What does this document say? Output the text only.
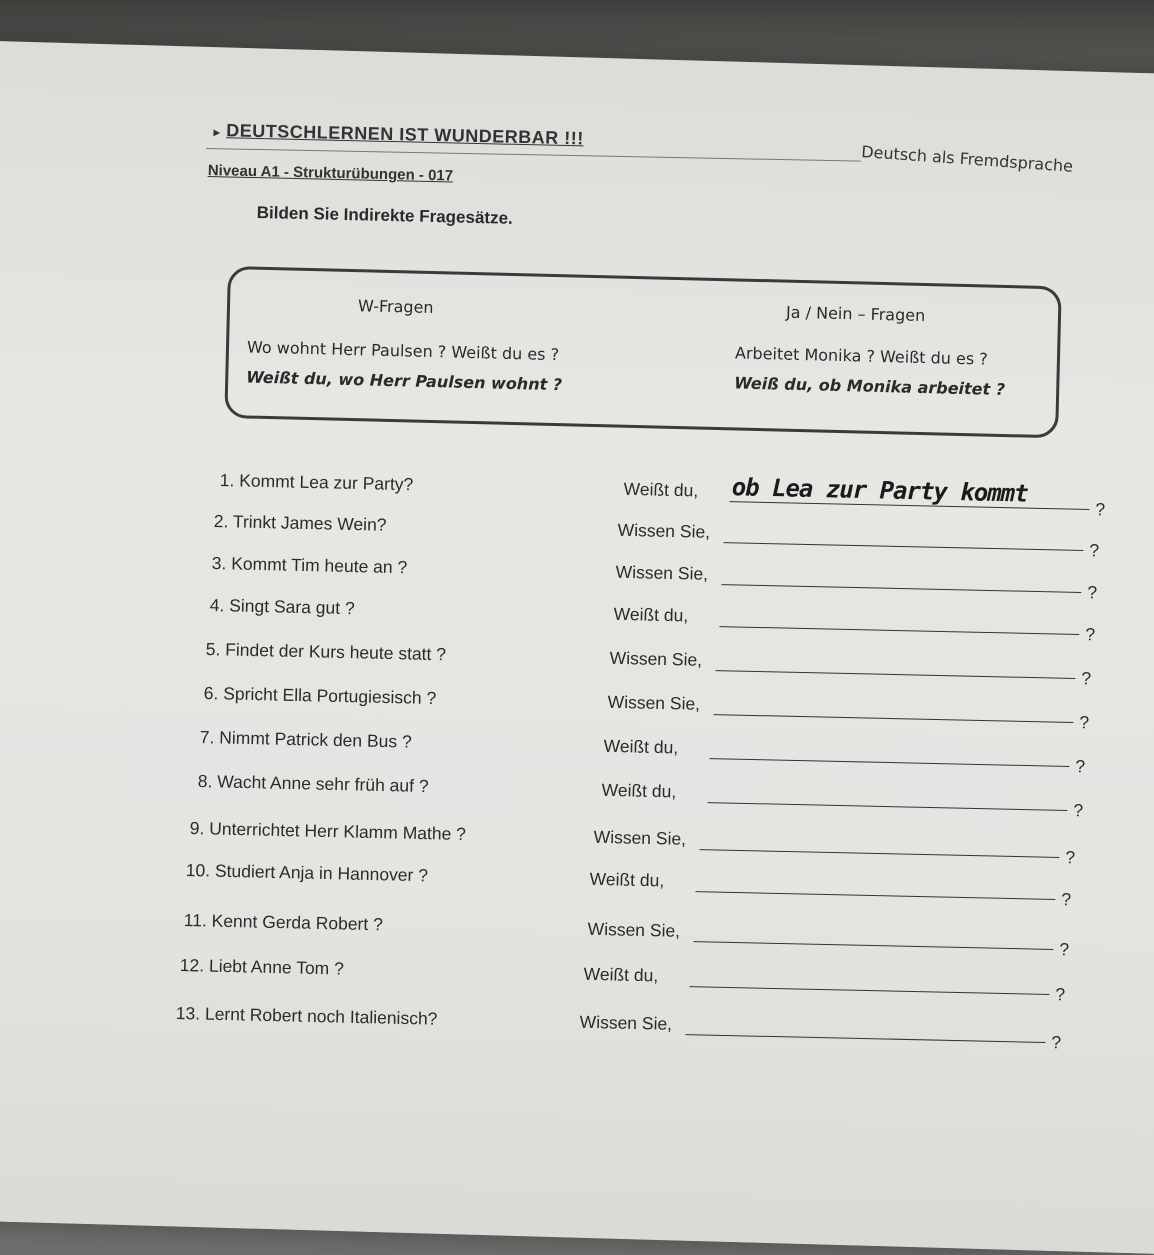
▸ DEUTSCHLERNEN IST WUNDERBAR !!!
Deutsch als Fremdsprache
Niveau A1 - Strukturübungen - 017
Bilden Sie Indirekte Fragesätze.
W-Fragen	Ja / Nein – Fragen
Wo wohnt Herr Paulsen ? Weißt du es ?
Weißt du, wo Herr Paulsen wohnt ?
Arbeitet Monika ? Weißt du es ?
Weiß du, ob Monika arbeitet ?
1. Kommt Lea zur Party?	Weißt du, ob Lea zur Party kommt
?
2. Trinkt James Wein?	Wissen Sie,
?
3. Kommt Tim heute an ?	Wissen Sie,
?
4. Singt Sara gut ?	Weißt du,
?
5. Findet der Kurs heute statt ?	Wissen Sie,
?
6. Spricht Ella Portugiesisch ?	Wissen Sie,
?
7. Nimmt Patrick den Bus ?	Weißt du,
?
8. Wacht Anne sehr früh auf ?	Weißt du,
?
9. Unterrichtet Herr Klamm Mathe ?	Wissen Sie,
?
10. Studiert Anja in Hannover ?	Weißt du,
?
11. Kennt Gerda Robert ?	Wissen Sie,
?
12. Liebt Anne Tom ?	Weißt du,
?
13. Lernt Robert noch Italienisch?	Wissen Sie,
?
